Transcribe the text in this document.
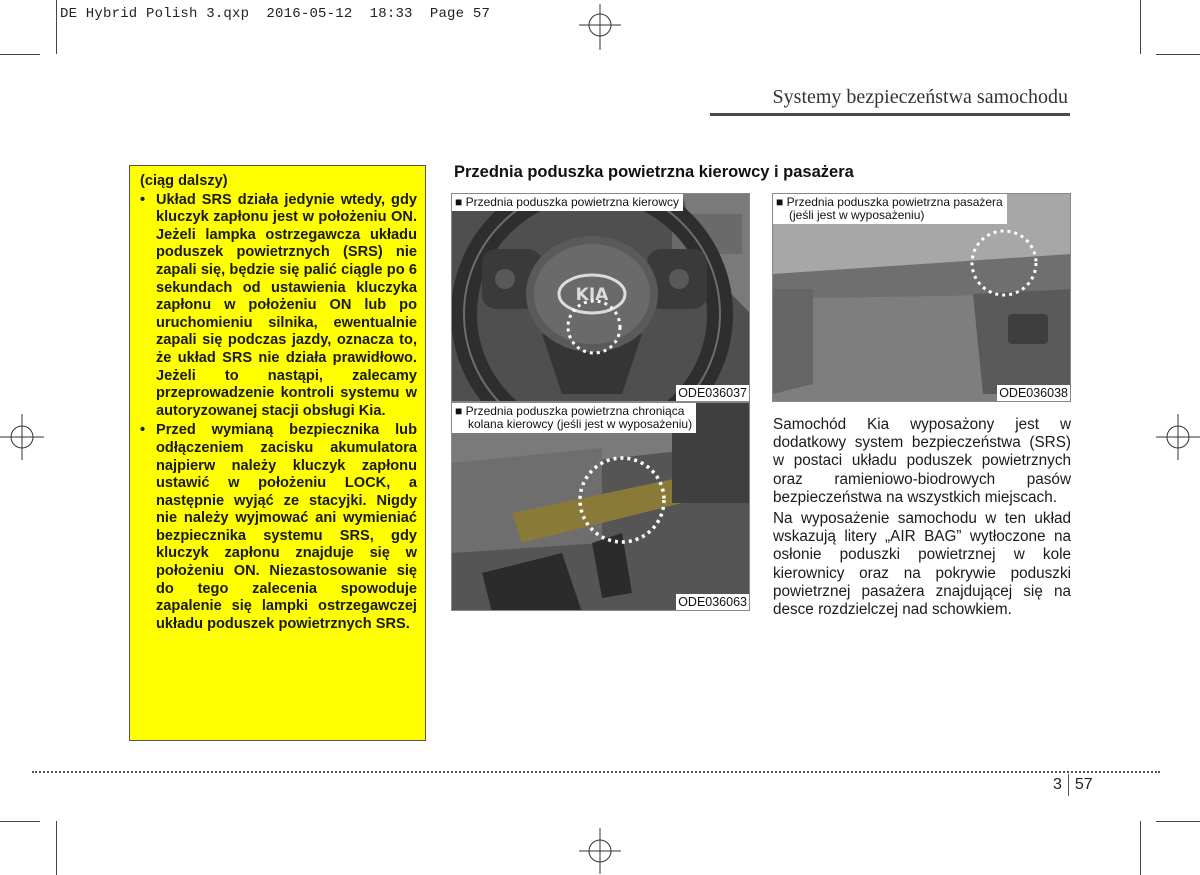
DE Hybrid Polish 3.qxp  2016-05-12  18:33  Page 57
Systemy bezpieczeństwa samochodu
(ciąg dalszy)
• Układ SRS działa jedynie wtedy, gdy kluczyk zapłonu jest w położeniu ON. Jeżeli lampka ostrzegawcza układu poduszek powietrznych (SRS) nie zapali się, będzie się palić ciągle po 6 sekundach od ustawienia kluczyka zapłonu w położeniu ON lub po uruchomieniu silnika, ewentualnie zapali się podczas jazdy, oznacza to, że układ SRS nie działa prawidłowo. Jeżeli to nastąpi, zalecamy przeprowadzenie kontroli systemu w autoryzowanej stacji obsługi Kia.
• Przed wymianą bezpiecznika lub odłączeniem zacisku akumulatora najpierw należy kluczyk zapłonu ustawić w położeniu LOCK, a następnie wyjąć ze stacyjki. Nigdy nie należy wyjmować ani wymieniać bezpiecznika systemu SRS, gdy kluczyk zapłonu znajduje się w położeniu ON. Niezastosowanie się do tego zalecenia spowoduje zapalenie się lampki ostrzegawczej układu poduszek powietrznych SRS.
Przednia poduszka powietrzna kierowcy i pasażera
KIA
■ Przednia poduszka powietrzna kierowcy
ODE036037
■ Przednia poduszka powietrzna chroniąca
kolana kierowcy (jeśli jest w wyposażeniu)
ODE036063
■ Przednia poduszka powietrzna pasażera
(jeśli jest w wyposażeniu)
ODE036038

Samochód Kia wyposażony jest w dodatkowy system bezpieczeństwa (SRS) w postaci układu poduszek powietrznych oraz ramieniowo-biodrowych pasów bezpieczeństwa na wszystkich miejscach.

Na wyposażenie samochodu w ten układ wskazują litery „AIR BAG” wytłoczone na osłonie poduszki powietrznej w kole kierownicy oraz na pokrywie poduszki powietrznej pasażera znajdującej się na desce rozdzielczej nad schowkiem.

3 57
